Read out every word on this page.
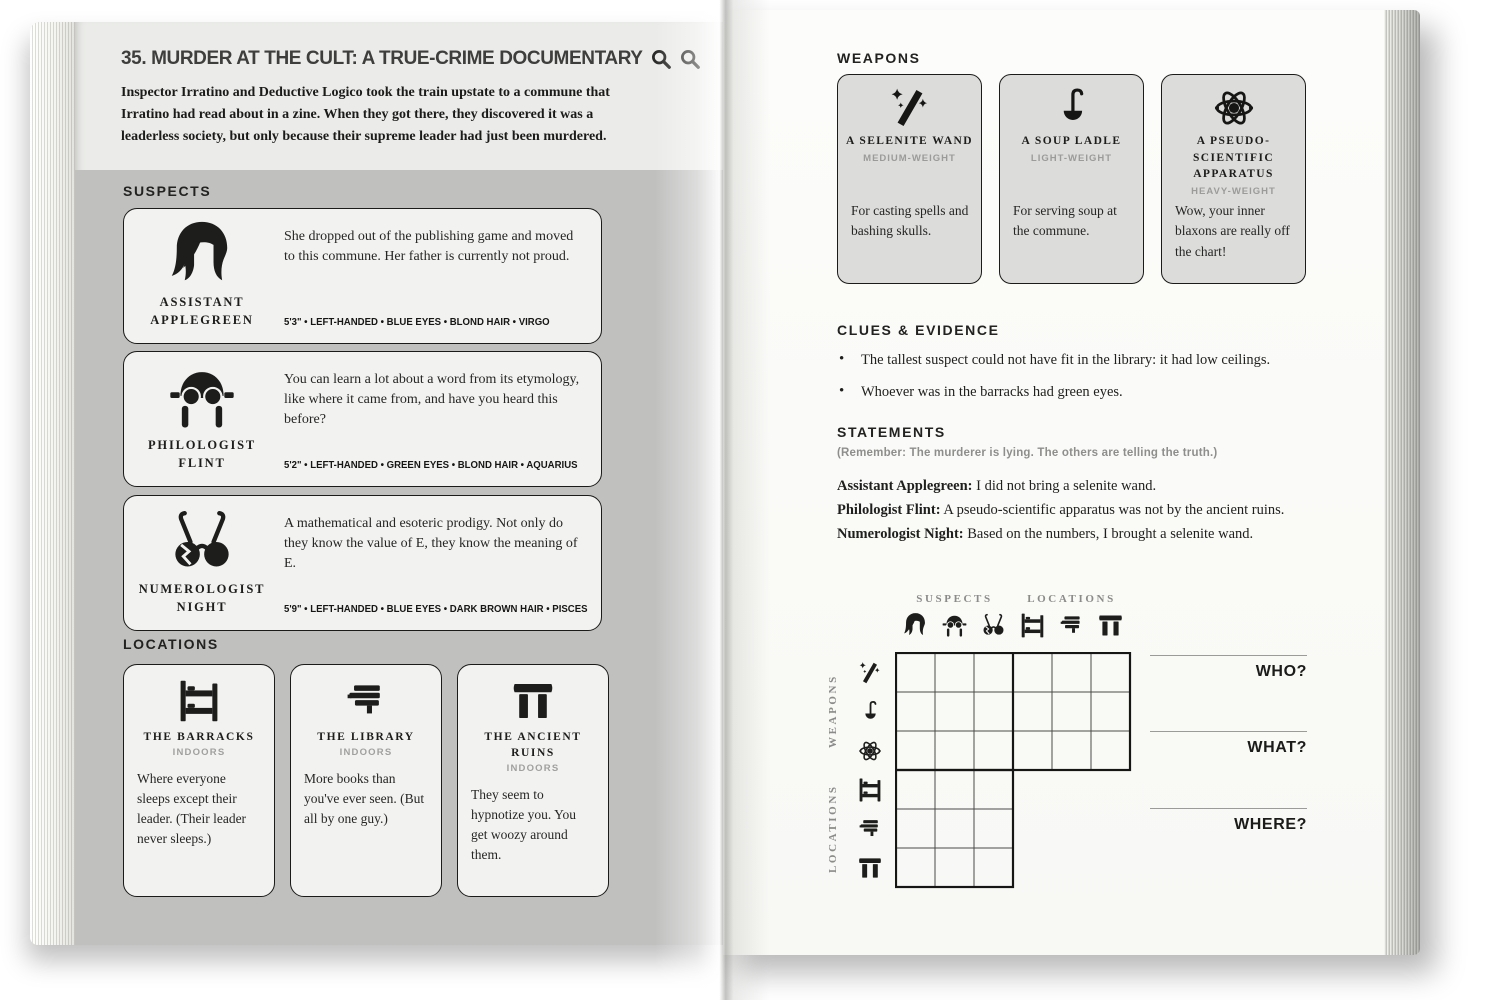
35. MURDER AT THE CULT: A TRUE-CRIME DOCUMENTARY

Inspector Irratino and Deductive Logico took the train upstate to a commune that Irratino had read about in a zine. When they got there, they discovered it was a leaderless society, but only because their supreme leader had just been murdered.

SUSPECTS
ASSISTANT APPLEGREEN
She dropped out of the publishing game and moved to this commune. Her father is currently not proud.
5'3" • LEFT-HANDED • BLUE EYES • BLOND HAIR • VIRGO
PHILOLOGIST FLINT
You can learn a lot about a word from its etymology, like where it came from, and have you heard this before?
5'2" • LEFT-HANDED • GREEN EYES • BLOND HAIR • AQUARIUS
NUMEROLOGIST NIGHT
A mathematical and esoteric prodigy. Not only do they know the value of E, they know the meaning of E.
5'9" • LEFT-HANDED • BLUE EYES • DARK BROWN HAIR • PISCES
LOCATIONS
THE BARRACKS
INDOORS
Where everyone sleeps except their leader. (Their leader never sleeps.)
THE LIBRARY
INDOORS
More books than you've ever seen. (But all by one guy.)
THE ANCIENT RUINS
INDOORS
They seem to hypnotize you. You get woozy around them.
WEAPONS
A SELENITE WAND
MEDIUM-WEIGHT
For casting spells and bashing skulls.
A SOUP LADLE
LIGHT-WEIGHT
For serving soup at the commune.
A PSEUDO-SCIENTIFIC APPARATUS
HEAVY-WEIGHT
Wow, your inner blaxons are really off the chart!
CLUES & EVIDENCE
• The tallest suspect could not have fit in the library: it had low ceilings.
• Whoever was in the barracks had green eyes.
STATEMENTS

(Remember: The murderer is lying. The others are telling the truth.)

Assistant Applegreen: I did not bring a selenite wand.

Philologist Flint: A pseudo-scientific apparatus was not by the ancient ruins.

Numerologist Night: Based on the numbers, I brought a selenite wand.

SUSPECTS	LOCATIONS
WEAPONS
LOCATIONS
WHO?
WHAT?
WHERE?
